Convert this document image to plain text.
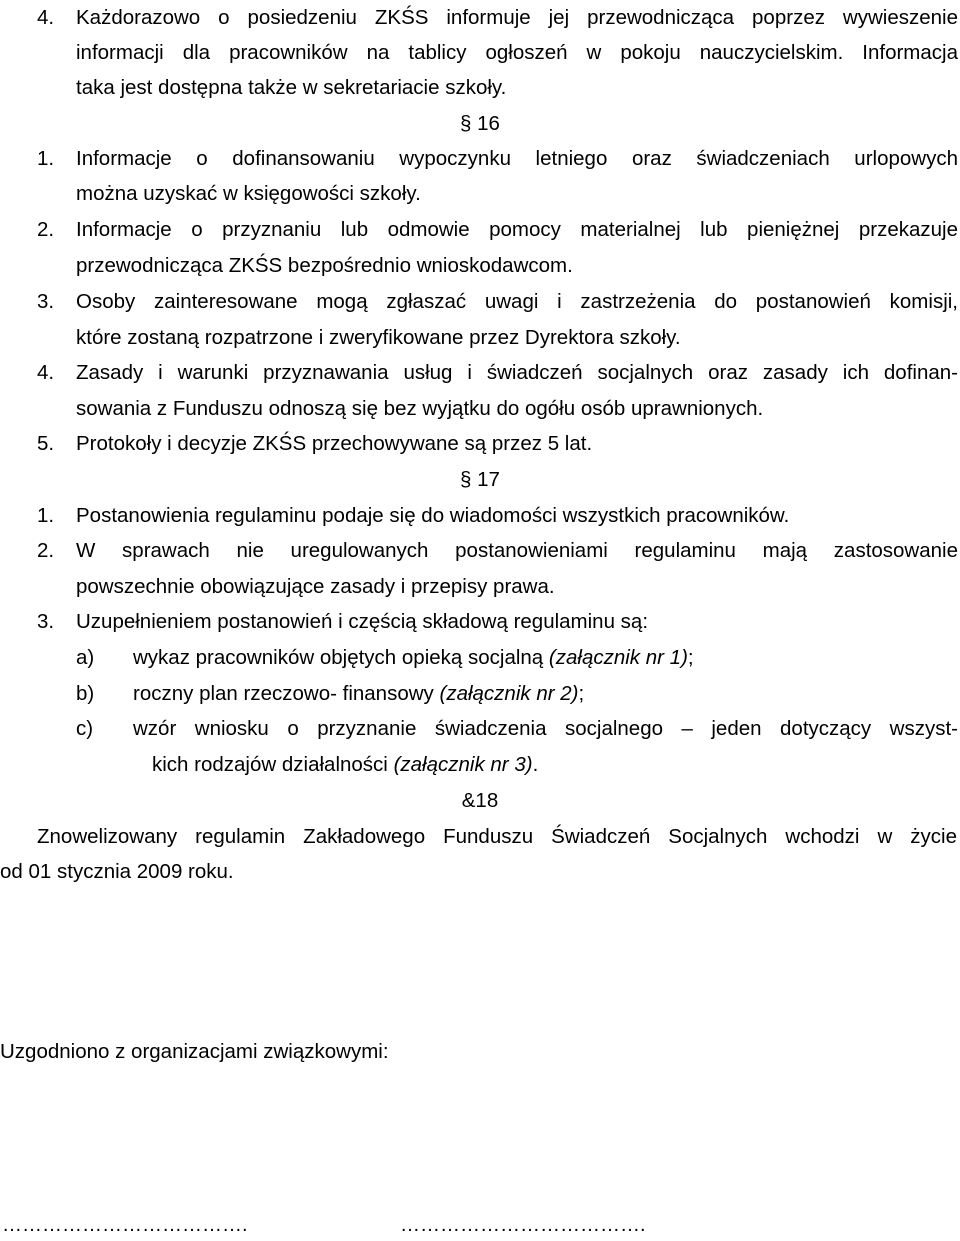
4. Każdorazowo o posiedzeniu ZKŚS informuje jej przewodnicząca poprzez wywieszenie
informacji dla pracowników na tablicy ogłoszeń w pokoju nauczycielskim. Informacja
taka jest dostępna także w sekretariacie szkoły.
§ 16
1. Informacje o dofinansowaniu wypoczynku letniego oraz świadczeniach urlopowych
można uzyskać w księgowości szkoły.
2. Informacje o przyznaniu lub odmowie pomocy materialnej lub pieniężnej przekazuje
przewodnicząca ZKŚS bezpośrednio wnioskodawcom.
3. Osoby zainteresowane mogą zgłaszać uwagi i zastrzeżenia do postanowień komisji,
które zostaną rozpatrzone i zweryfikowane przez Dyrektora szkoły.
4. Zasady i warunki przyznawania usług i świadczeń socjalnych oraz zasady ich dofinan-
sowania z Funduszu odnoszą się bez wyjątku do ogółu osób uprawnionych.
5. Protokoły i decyzje ZKŚS przechowywane są przez 5 lat.
§ 17
1. Postanowienia regulaminu podaje się do wiadomości wszystkich pracowników.
2. W sprawach nie uregulowanych postanowieniami regulaminu mają zastosowanie
powszechnie obowiązujące zasady i przepisy prawa.
3. Uzupełnieniem postanowień i częścią składową regulaminu są:
a) wykaz pracowników objętych opieką socjalną (załącznik nr 1);
b) roczny plan rzeczowo- finansowy (załącznik nr 2);
c) wzór wniosku o przyznanie świadczenia socjalnego – jeden dotyczący wszyst-
kich rodzajów działalności (załącznik nr 3).
&18
Znowelizowany regulamin Zakładowego Funduszu Świadczeń Socjalnych wchodzi w życie
od 01 stycznia 2009 roku.
Uzgodniono z organizacjami związkowymi:
……………………………….	……………………………….
